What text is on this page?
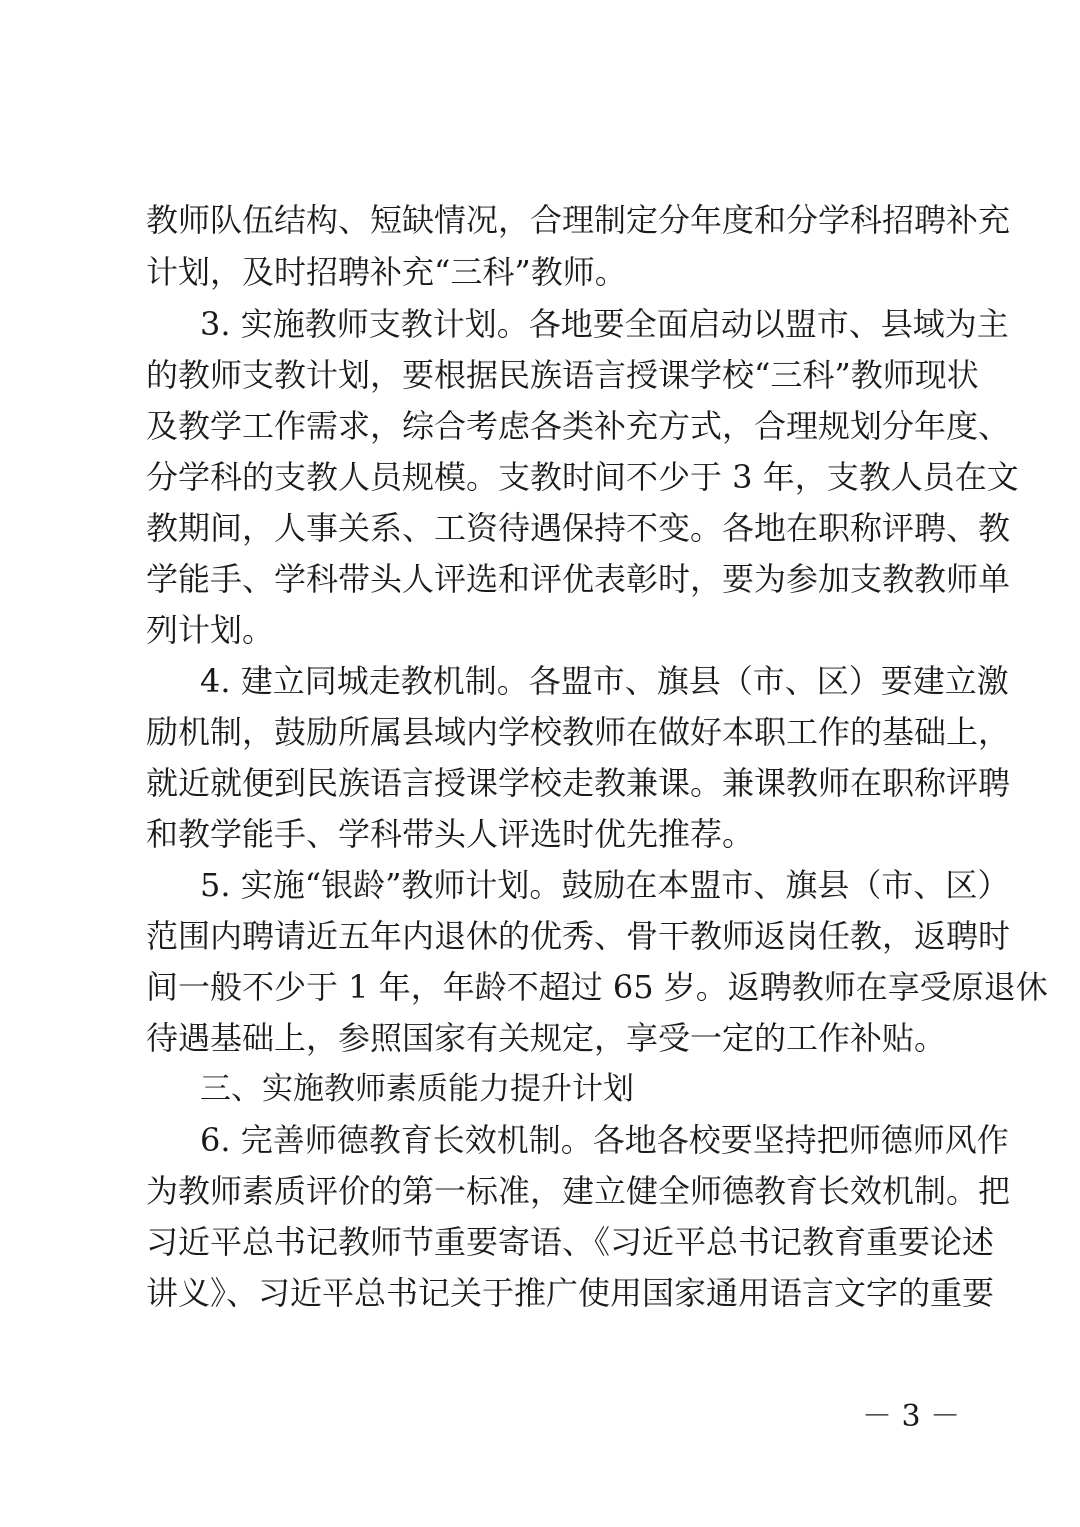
教师队伍结构、短缺情况，合理制定分年度和分学科招聘补充
计划，及时招聘补充“三科”教师。
3. 实施教师支教计划。各地要全面启动以盟市、县域为主
的教师支教计划，要根据民族语言授课学校“三科”教师现状
及教学工作需求，综合考虑各类补充方式，合理规划分年度、
分学科的支教人员规模。支教时间不少于 3 年，支教人员在文
教期间，人事关系、工资待遇保持不变。各地在职称评聘、教
学能手、学科带头人评选和评优表彰时，要为参加支教教师单
列计划。
4. 建立同城走教机制。各盟市、旗县（市、区）要建立激
励机制，鼓励所属县域内学校教师在做好本职工作的基础上，
就近就便到民族语言授课学校走教兼课。兼课教师在职称评聘
和教学能手、学科带头人评选时优先推荐。
5. 实施“银龄”教师计划。鼓励在本盟市、旗县（市、区）
范围内聘请近五年内退休的优秀、骨干教师返岗任教，返聘时
间一般不少于 1 年，年龄不超过 65 岁。返聘教师在享受原退休
待遇基础上，参照国家有关规定，享受一定的工作补贴。
三、实施教师素质能力提升计划
6. 完善师德教育长效机制。各地各校要坚持把师德师风作
为教师素质评价的第一标准，建立健全师德教育长效机制。把
习近平总书记教师节重要寄语、《习近平总书记教育重要论述
讲义》、习近平总书记关于推广使用国家通用语言文字的重要
－ 3 －
